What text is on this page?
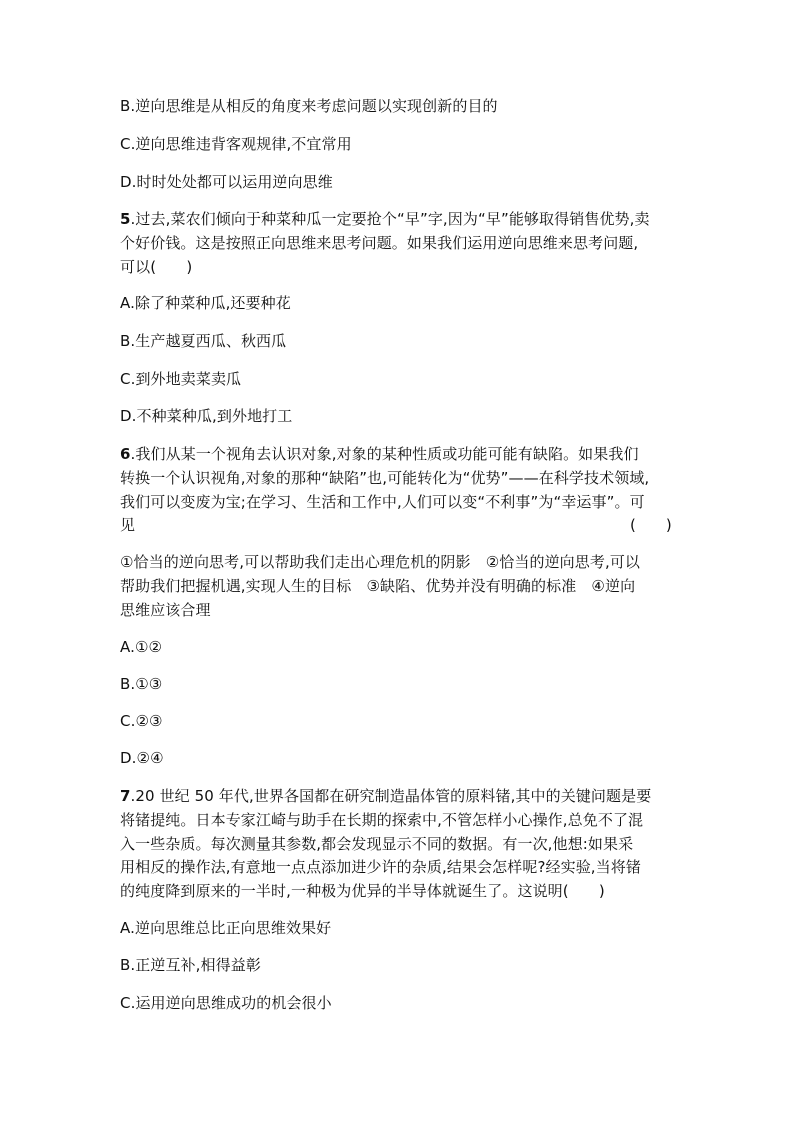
B.逆向思维是从相反的角度来考虑问题以实现创新的目的
C.逆向思维违背客观规律,不宜常用
D.时时处处都可以运用逆向思维
5.过去,菜农们倾向于种菜种瓜一定要抢个“早”字,因为“早”能够取得销售优势,卖
个好价钱。这是按照正向思维来思考问题。如果我们运用逆向思维来思考问题,
可以(　　)
A.除了种菜种瓜,还要种花
B.生产越夏西瓜、秋西瓜
C.到外地卖菜卖瓜
D.不种菜种瓜,到外地打工
6.我们从某一个视角去认识对象,对象的某种性质或功能可能有缺陷。如果我们
转换一个认识视角,对象的那种“缺陷”也,可能转化为“优势”——在科学技术领域,
我们可以变废为宝;在学习、生活和工作中,人们可以变“不利事”为“幸运事”。可
见	(　　)
①恰当的逆向思考,可以帮助我们走出心理危机的阴影　②恰当的逆向思考,可以
帮助我们把握机遇,实现人生的目标　③缺陷、优势并没有明确的标准　④逆向
思维应该合理
A.①②
B.①③
C.②③
D.②④
7.20 世纪 50 年代,世界各国都在研究制造晶体管的原料锗,其中的关键问题是要
将锗提纯。日本专家江崎与助手在长期的探索中,不管怎样小心操作,总免不了混
入一些杂质。每次测量其参数,都会发现显示不同的数据。有一次,他想:如果采
用相反的操作法,有意地一点点添加进少许的杂质,结果会怎样呢?经实验,当将锗
的纯度降到原来的一半时,一种极为优异的半导体就诞生了。这说明(　　)
A.逆向思维总比正向思维效果好
B.正逆互补,相得益彰
C.运用逆向思维成功的机会很小
